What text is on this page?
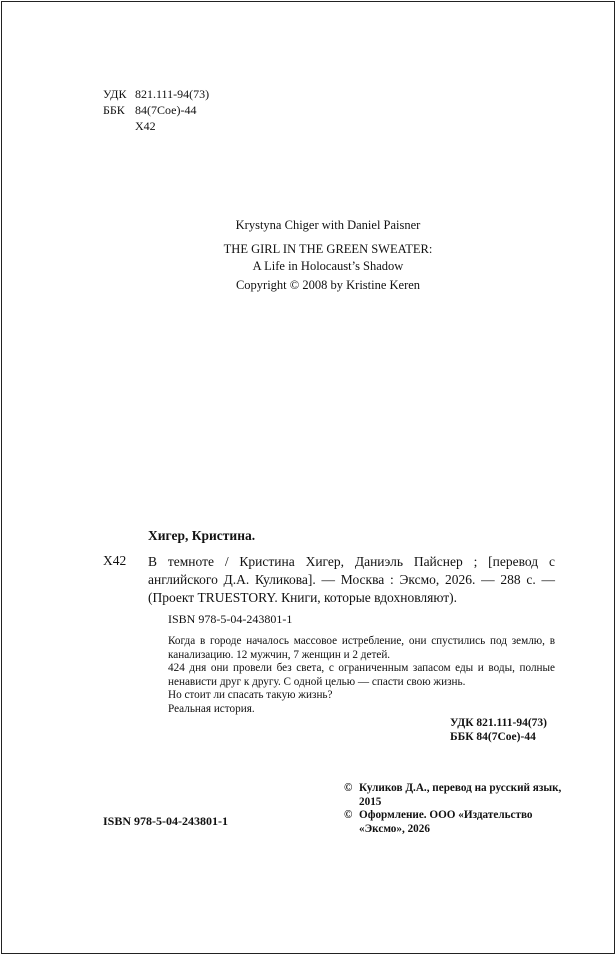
УДК 821.111-94(73)
ББК 84(7Сое)-44
Х42
Krystyna Chiger with Daniel Paisner
THE GIRL IN THE GREEN SWEATER:
A Life in Holocaust’s Shadow
Copyright © 2008 by Kristine Keren
Хигер, Кристина.
Х42 В темноте / Кристина Хигер, Даниэль Пайснер ; [перевод с английского Д.А. Куликова]. — Москва : Эксмо, 2026. — 288 с. — (Проект TRUESTORY. Книги, которые вдохновляют).
ISBN 978-5-04-243801-1

Когда в городе началось массовое истребление, они спустились под землю, в канализацию. 12 мужчин, 7 женщин и 2 детей.

424 дня они провели без света, с ограниченным запасом еды и воды, полные ненависти друг к другу. С одной целью — спасти свою жизнь.

Но стоит ли спасать такую жизнь?

Реальная история.

УДК 821.111-94(73)
ББК 84(7Сое)-44
© Куликов Д.А., перевод на русский язык, 2015
© Оформление. ООО «Издательство «Эксмо», 2026
ISBN 978-5-04-243801-1
